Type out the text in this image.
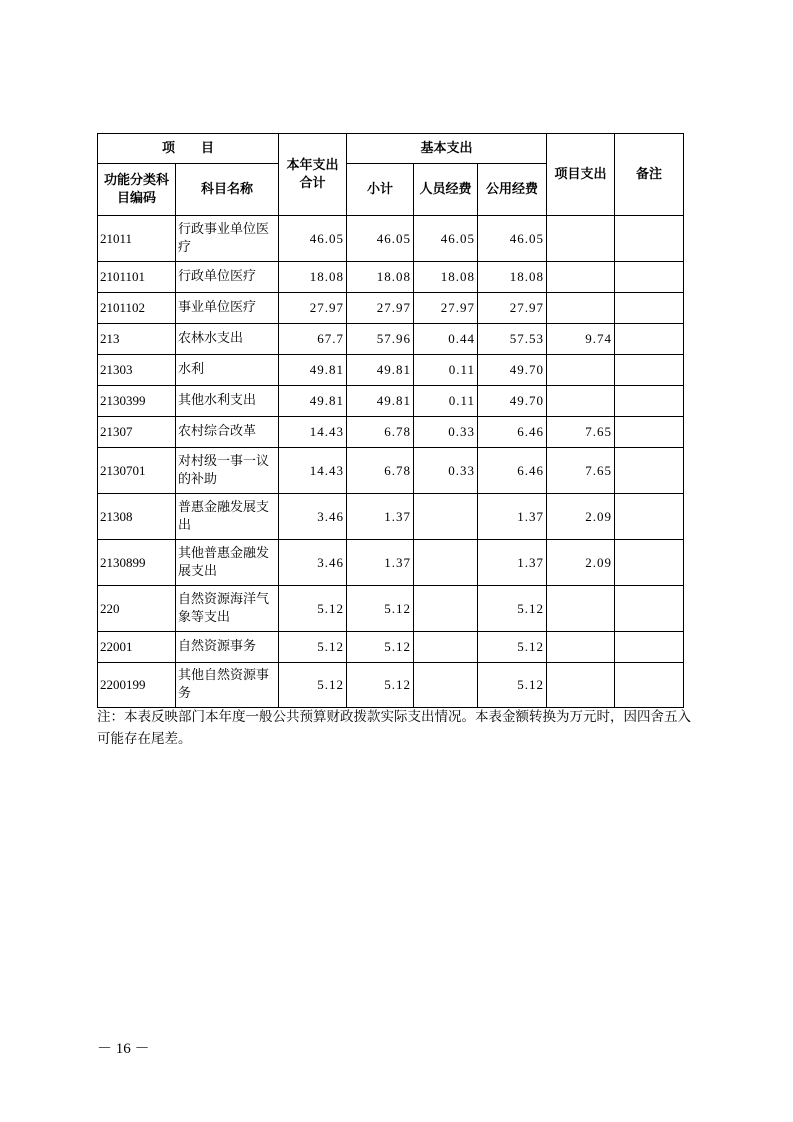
项　　目		本年支出合计	基本支出			项目支出	备注
功能分类科目编码	科目名称		小计	人员经费	公用经费		
21011	行政事业单位医疗	46.05	46.05	46.05	46.05		
2101101	行政单位医疗	18.08	18.08	18.08	18.08		
2101102	事业单位医疗	27.97	27.97	27.97	27.97		
213	农林水支出	67.7	57.96	0.44	57.53	9.74	
21303	水利	49.81	49.81	0.11	49.70		
2130399	其他水利支出	49.81	49.81	0.11	49.70		
21307	农村综合改革	14.43	6.78	0.33	6.46	7.65	
2130701	对村级一事一议的补助	14.43	6.78	0.33	6.46	7.65	
21308	普惠金融发展支出	3.46	1.37		1.37	2.09	
2130899	其他普惠金融发展支出	3.46	1.37		1.37	2.09	
220	自然资源海洋气象等支出	5.12	5.12		5.12		
22001	自然资源事务	5.12	5.12		5.12		
2200199	其他自然资源事务	5.12	5.12		5.12		
注：本表反映部门本年度一般公共预算财政拨款实际支出情况。本表金额转换为万元时，因四舍五入可能存在尾差。
－ 16 －
